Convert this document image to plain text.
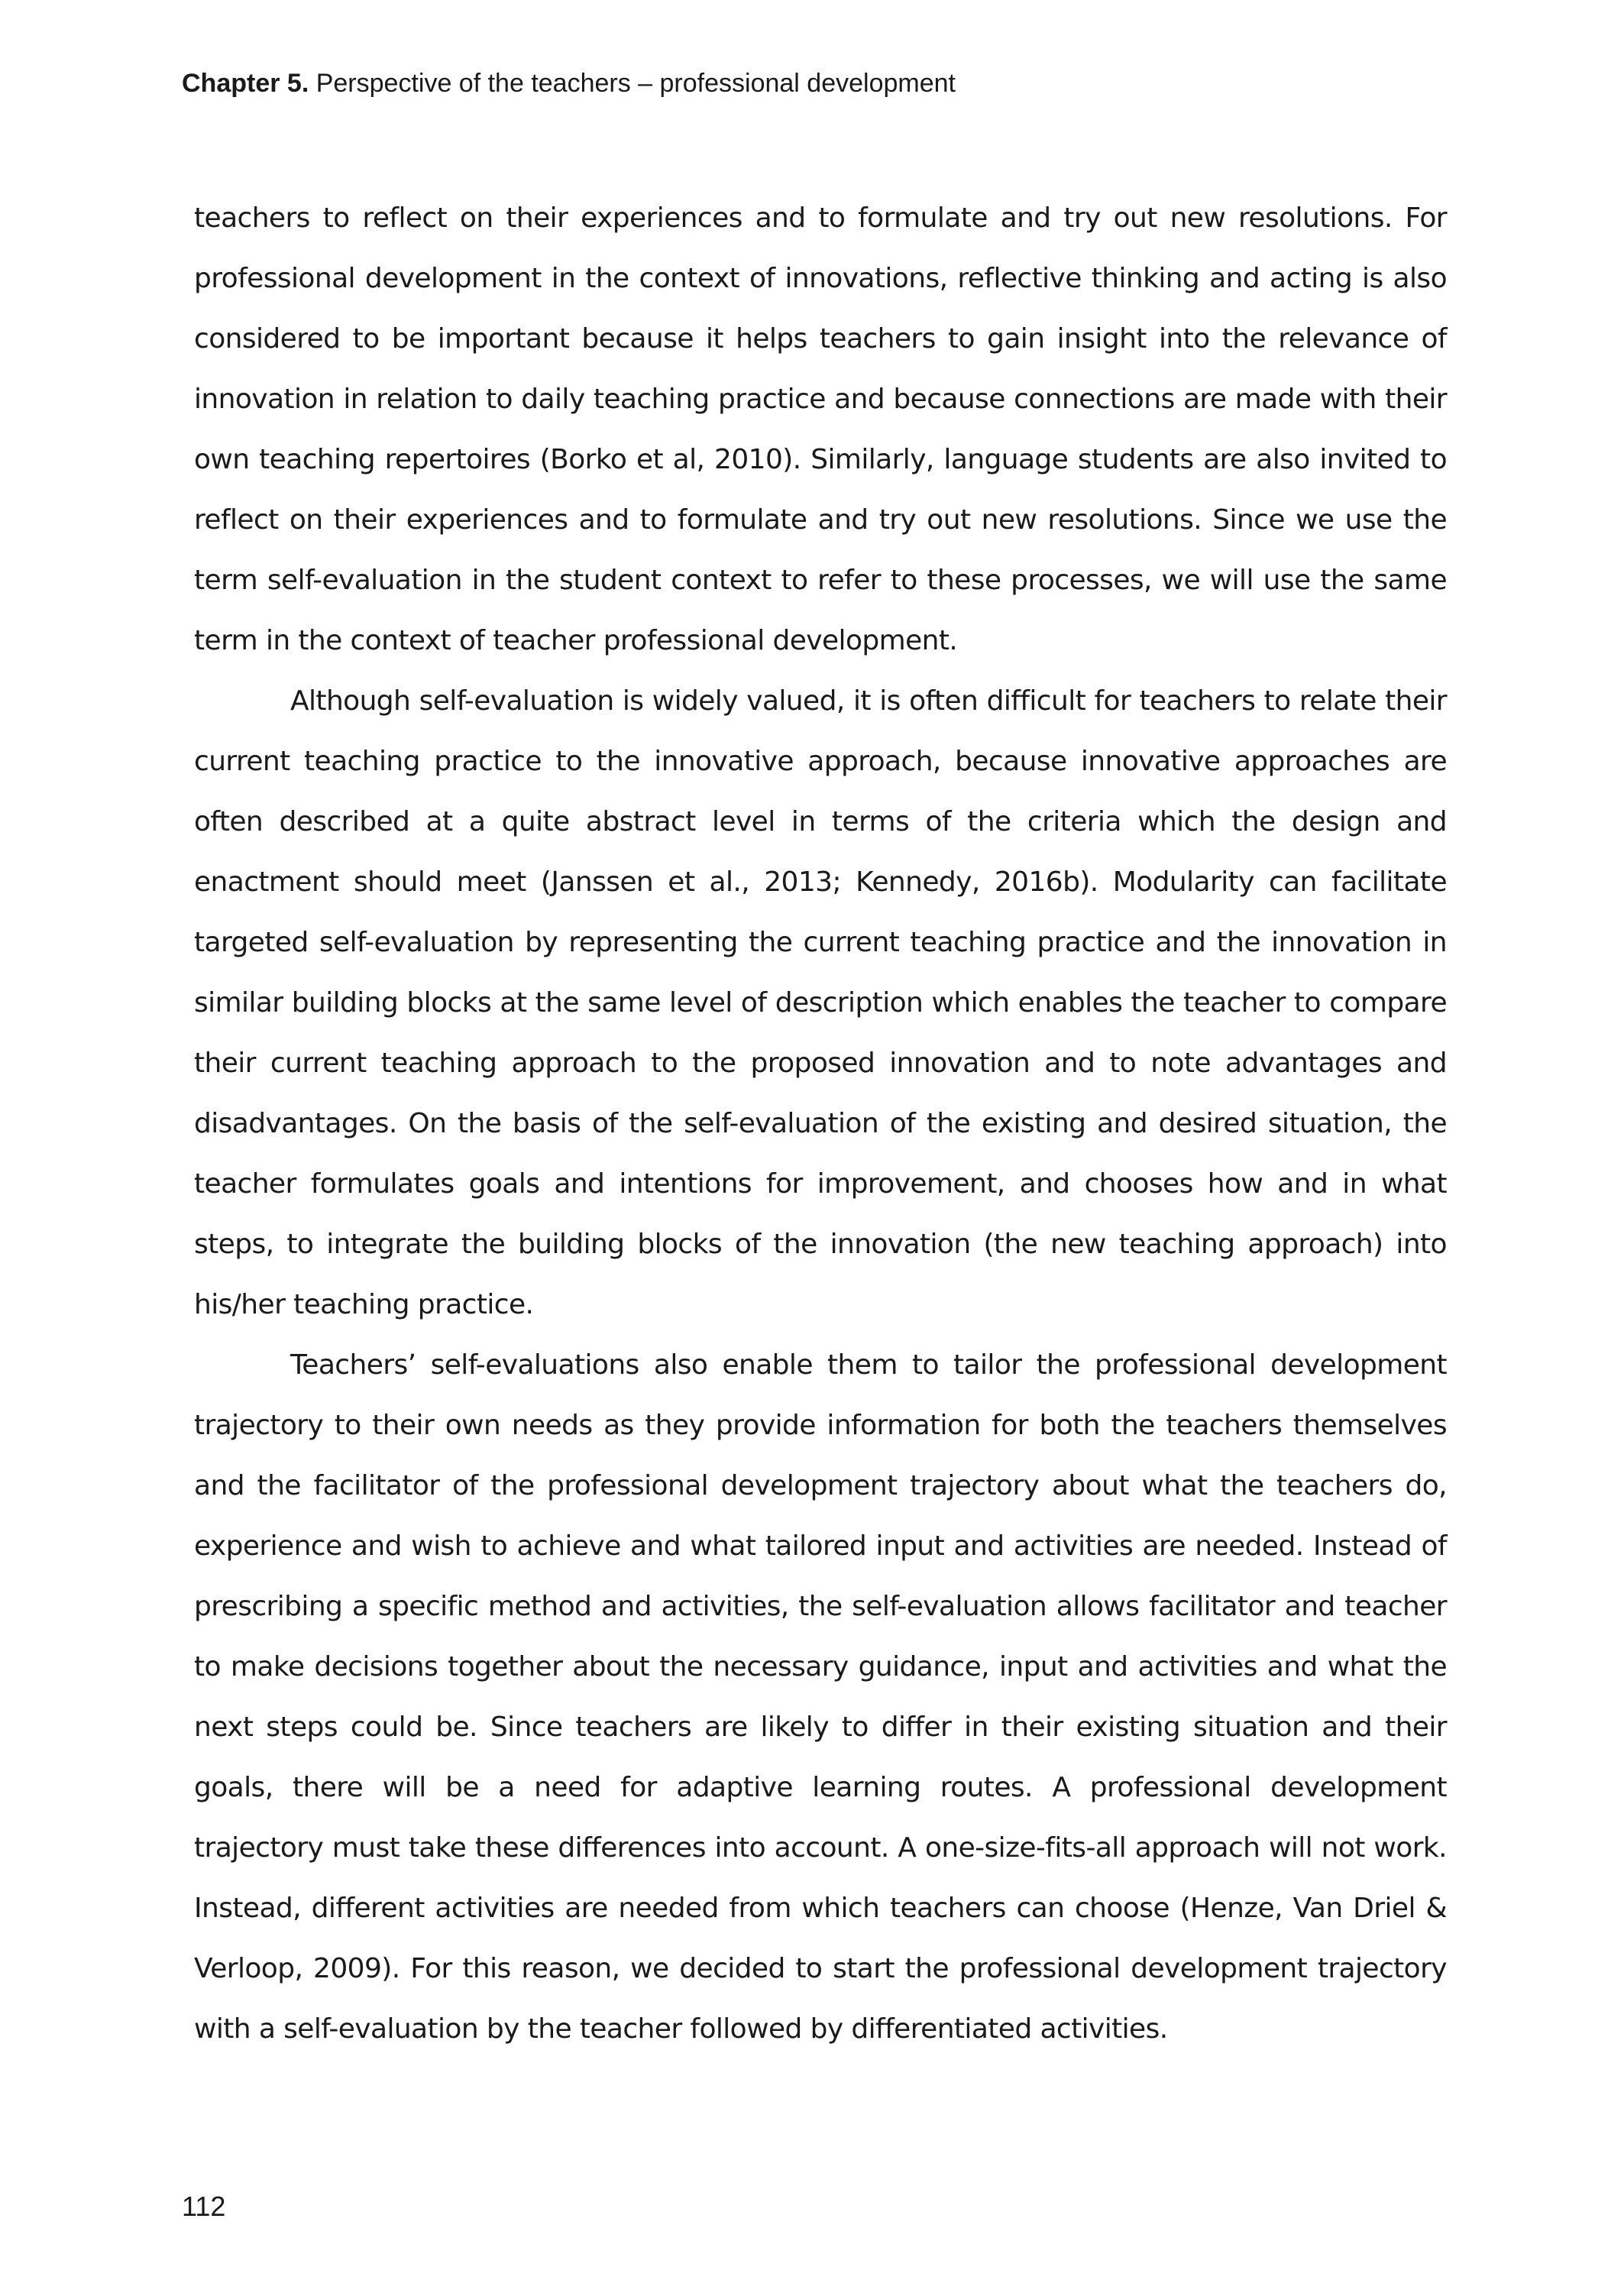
Chapter 5. Perspective of the teachers – professional development

teachers to reflect on their experiences and to formulate and try out new resolutions. For professional development in the context of innovations, reflective thinking and acting is also considered to be important because it helps teachers to gain insight into the relevance of innovation in relation to daily teaching practice and because connections are made with their own teaching repertoires (Borko et al, 2010). Similarly, language students are also invited to reflect on their experiences and to formulate and try out new resolutions. Since we use the term self-evaluation in the student context to refer to these processes, we will use the same term in the context of teacher professional development.

Although self-evaluation is widely valued, it is often difficult for teachers to relate their current teaching practice to the innovative approach, because innovative approaches are often described at a quite abstract level in terms of the criteria which the design and enactment should meet (Janssen et al., 2013; Kennedy, 2016b). Modularity can facilitate targeted self-evaluation by representing the current teaching practice and the innovation in similar building blocks at the same level of description which enables the teacher to compare their current teaching approach to the proposed innovation and to note advantages and disadvantages. On the basis of the self-evaluation of the existing and desired situation, the teacher formulates goals and intentions for improvement, and chooses how and in what steps, to integrate the building blocks of the innovation (the new teaching approach) into his/her teaching practice.

Teachers’ self-evaluations also enable them to tailor the professional development trajectory to their own needs as they provide information for both the teachers themselves and the facilitator of the professional development trajectory about what the teachers do, experience and wish to achieve and what tailored input and activities are needed. Instead of prescribing a specific method and activities, the self-evaluation allows facilitator and teacher to make decisions together about the necessary guidance, input and activities and what the next steps could be. Since teachers are likely to differ in their existing situation and their goals, there will be a need for adaptive learning routes. A professional development trajectory must take these differences into account. A one-size-fits-all approach will not work. Instead, different activities are needed from which teachers can choose (Henze, Van Driel & Verloop, 2009). For this reason, we decided to start the professional development trajectory with a self-evaluation by the teacher followed by differentiated activities.

112
